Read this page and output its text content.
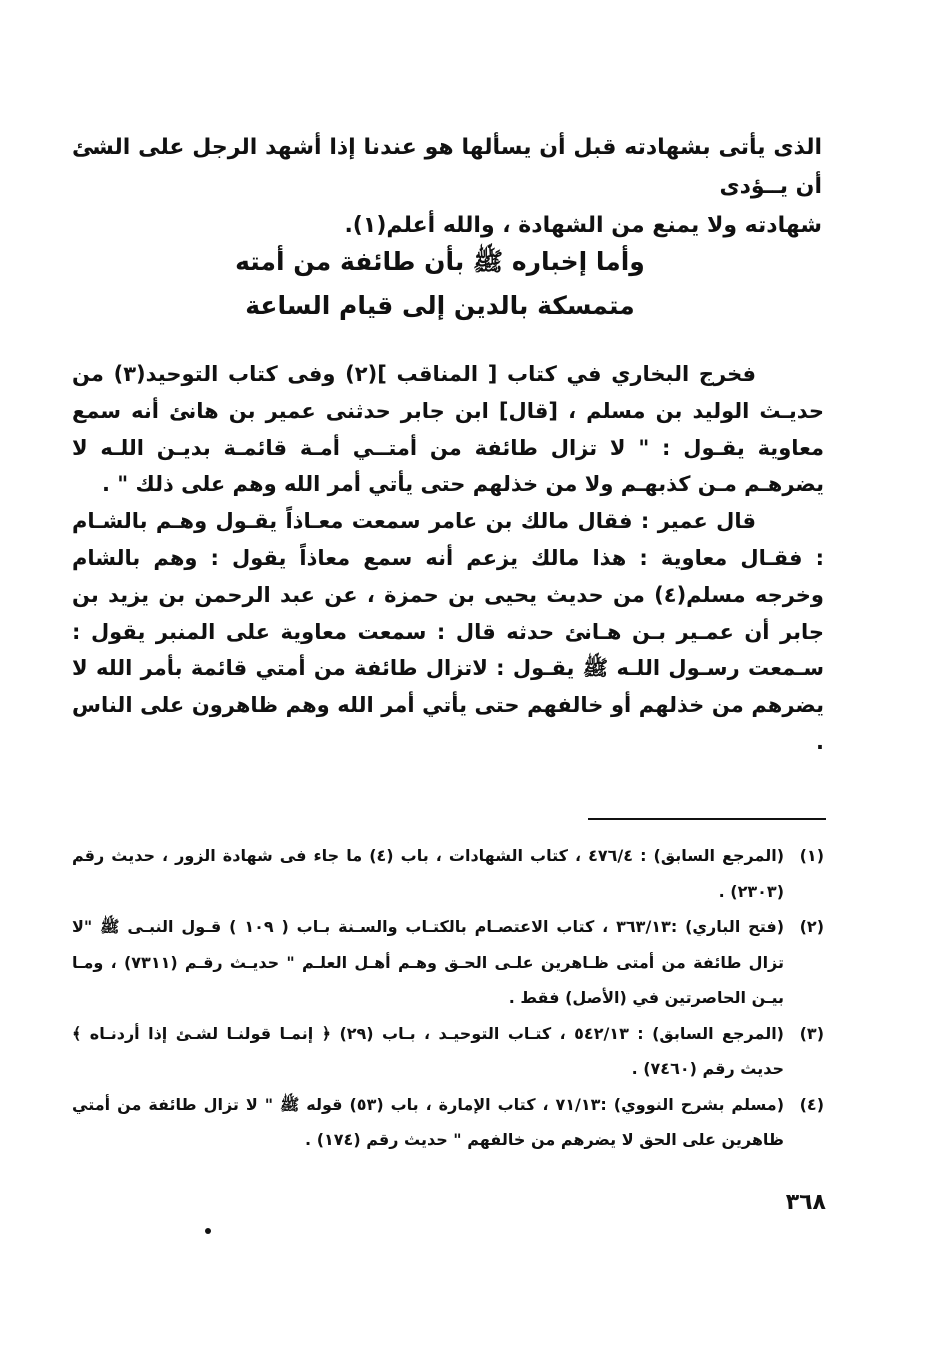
الذى يأتى بشهادته قبل أن يسألها هو عندنا إذا أشهد الرجل على الشئ أن يــؤدى
شهادته ولا يمنع من الشهادة ، والله أعلم(١).
وأما إخباره ﷺ بأن طائفة من أمته
متمسكة بالدين إلى قيام الساعة

فخرج البخاري في كتاب [ المناقب ](٢) وفى كتاب التوحيد(٣) من حديـث الوليد بن مسلم ، [قال] ابن جابر حدثنى عمير بن هانئ أنه سمع معاوية يقـول : " لا تزال طائفة من أمتــي أمـة قائمـة بديـن اللـه لا يضرهـم مـن كذبهـم ولا من خذلهم حتى يأتي أمر الله وهم على ذلك " .

قال عمير : فقال مالك بن عامر سمعت معـاذاً يقـول وهـم بالشـام : فقـال معاوية : هذا مالك يزعم أنه سمع معاذاً يقول : وهم بالشام وخرجه مسلم(٤) من حديث يحيى بن حمزة ، عن عبد الرحمن بن يزيد بن جابر أن عمـير بـن هـانئ حدثه قال : سمعت معاوية على المنبر يقول : سـمعت رسـول اللـه ﷺ يقـول : لاتزال طائفة من أمتي قائمة بأمر الله لا يضرهم من خذلهم أو خالفهم حتى يأتي أمر الله وهم ظاهرون على الناس .

(١)
(المرجع السابق) : ٤٧٦/٤ ، كتاب الشهادات ، باب (٤) ما جاء فى شهادة الزور ، حديث رقم (٢٣٠٣) .
(٢)
(فتح الباري) :٣٦٣/١٣ ، كتاب الاعتصـام بالكتـاب والسـنة بـاب ( ١٠٩ ) قـول النبـى ﷺ "لا تزال طائفة من أمتى ظـاهرين علـى الحـق وهـم أهـل العلـم " حديـث رقـم (٧٣١١) ، ومـا بيـن الحاصرتين في (الأصل) فقط .
(٣)
(المرجع السابق) : ٥٤٢/١٣ ، كتـاب التوحيـد ، بـاب (٢٩) ﴿ إنمـا قولنـا لشـئ إذا أردنـاه ﴾ حديث رقم (٧٤٦٠) .
(٤)
(مسلم بشرح النووي) :٧١/١٣ ، كتاب الإمارة ، باب (٥٣) قوله ﷺ " لا تزال طائفة من أمتي ظاهرين على الحق لا يضرهم من خالفهم " حديث رقم (١٧٤) .
٣٦٨
